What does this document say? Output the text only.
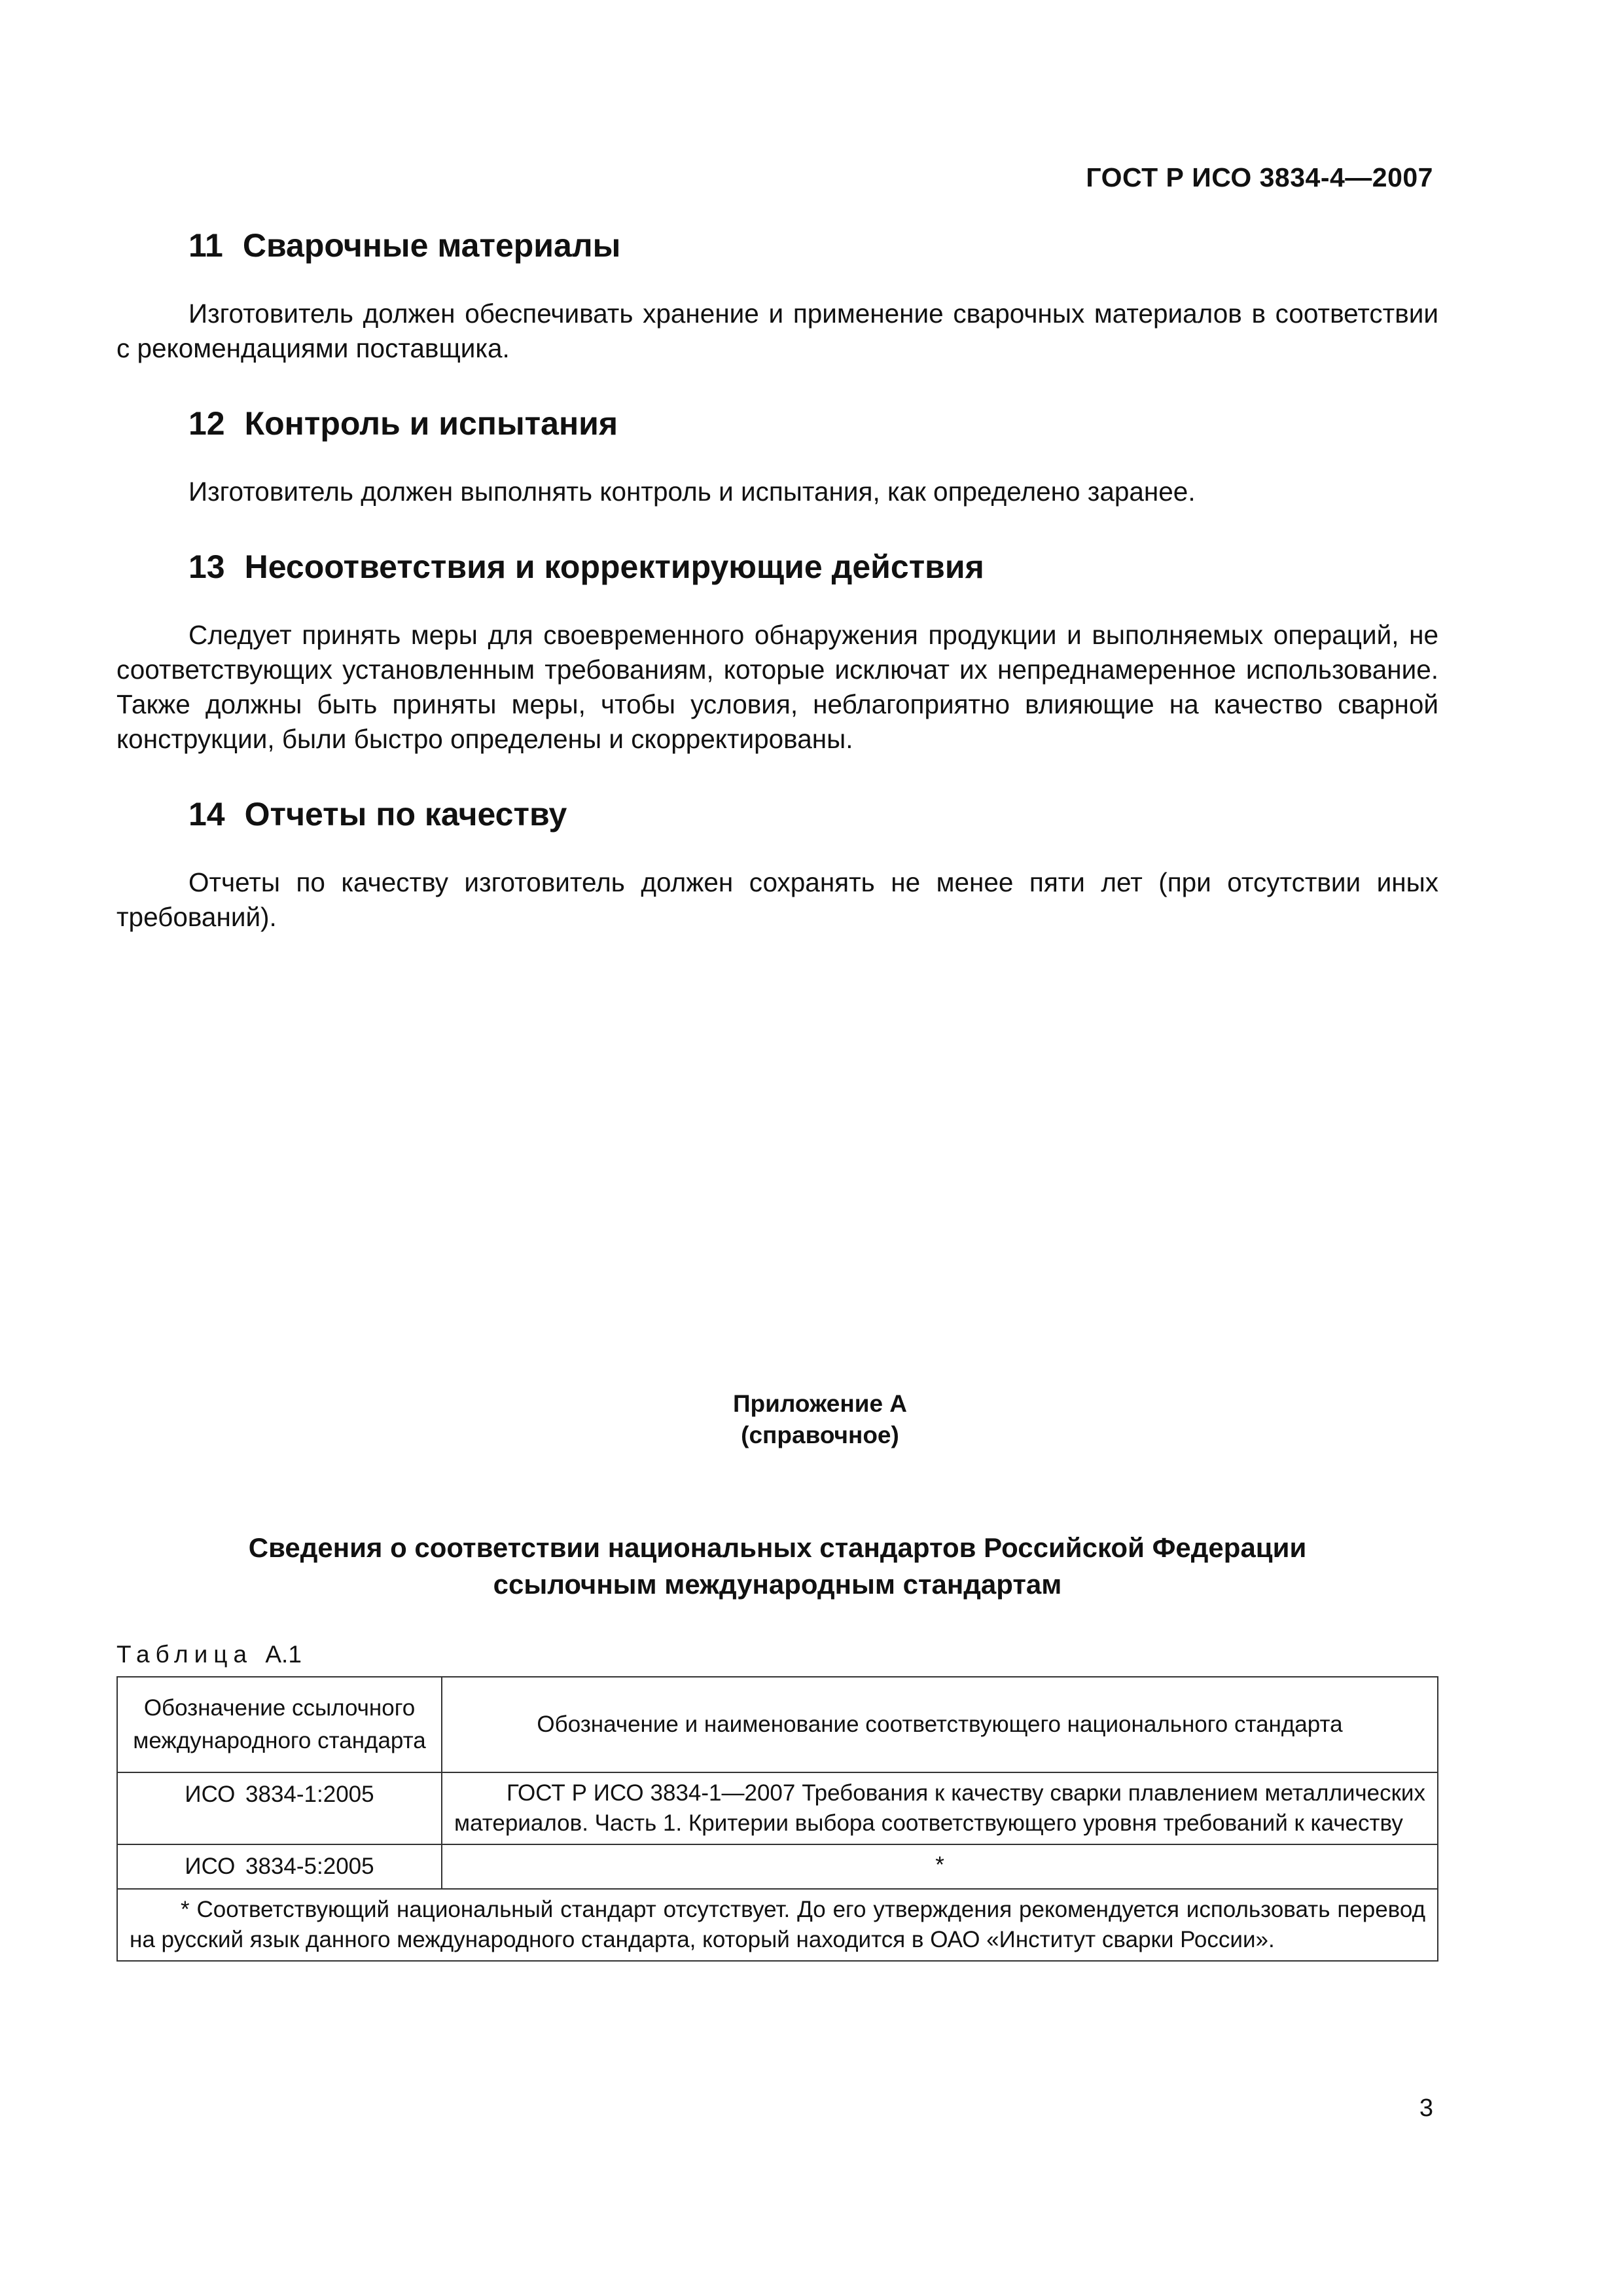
ГОСТ Р ИСО 3834-4—2007
11 Сварочные материалы

Изготовитель должен обеспечивать хранение и применение сварочных материалов в соответствии с рекомендациями поставщика.

12 Контроль и испытания

Изготовитель должен выполнять контроль и испытания, как определено заранее.

13 Несоответствия и корректирующие действия

Следует принять меры для своевременного обнаружения продукции и выполняемых операций, не соответствующих установленным требованиям, которые исключат их непреднамеренное использование. Также должны быть приняты меры, чтобы условия, неблагоприятно влияющие на качество сварной конструкции, были быстро определены и скорректированы.

14 Отчеты по качеству

Отчеты по качеству изготовитель должен сохранять не менее пяти лет (при отсутствии иных требований).

Приложение А
(справочное)
Сведения о соответствии национальных стандартов Российской Федерации
ссылочным международным стандартам
Таблица А.1
Обозначение ссылочного международного стандарта	Обозначение и наименование соответствующего национального стандарта
ИСО 3834-1:2005	ГОСТ Р ИСО 3834-1—2007 Требования к качеству сварки плавлением металлических материалов. Часть 1. Критерии выбора соответствующего уровня требований к качеству
ИСО 3834-5:2005	*
* Соответствующий национальный стандарт отсутствует. До его утверждения рекомендуется использовать перевод на русский язык данного международного стандарта, который находится в ОАО «Институт сварки России».	
3
